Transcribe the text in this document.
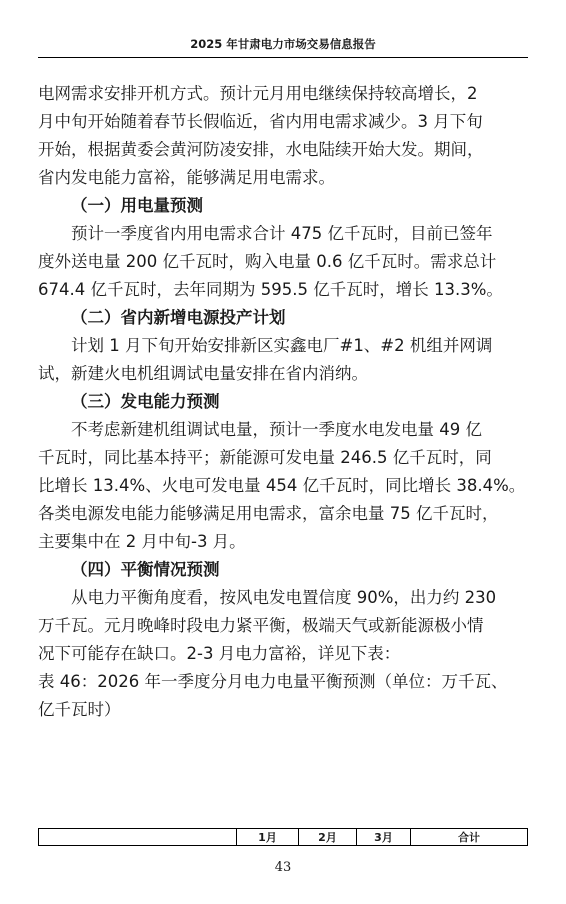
2025 年甘肃电力市场交易信息报告

电网需求安排开机方式。预计元月用电继续保持较高增长，2

月中旬开始随着春节长假临近，省内用电需求减少。3 月下旬

开始，根据黄委会黄河防凌安排，水电陆续开始大发。期间，

省内发电能力富裕，能够满足用电需求。

（一）用电量预测

预计一季度省内用电需求合计 475 亿千瓦时，目前已签年

度外送电量 200 亿千瓦时，购入电量 0.6 亿千瓦时。需求总计

674.4 亿千瓦时，去年同期为 595.5 亿千瓦时，增长 13.3%。

（二）省内新增电源投产计划

计划 1 月下旬开始安排新区实鑫电厂#1、#2 机组并网调

试，新建火电机组调试电量安排在省内消纳。

（三）发电能力预测

不考虑新建机组调试电量，预计一季度水电发电量 49 亿

千瓦时，同比基本持平；新能源可发电量 246.5 亿千瓦时，同

比增长 13.4%、火电可发电量 454 亿千瓦时，同比增长 38.4%。

各类电源发电能力能够满足用电需求，富余电量 75 亿千瓦时，

主要集中在 2 月中旬-3 月。

（四）平衡情况预测

从电力平衡角度看，按风电发电置信度 90%，出力约 230

万千瓦。元月晚峰时段电力紧平衡，极端天气或新能源极小情

况下可能存在缺口。2-3 月电力富裕，详见下表：

表 46：2026 年一季度分月电力电量平衡预测（单位：万千瓦、

亿千瓦时）

	1月	2月	3月	合计
43
